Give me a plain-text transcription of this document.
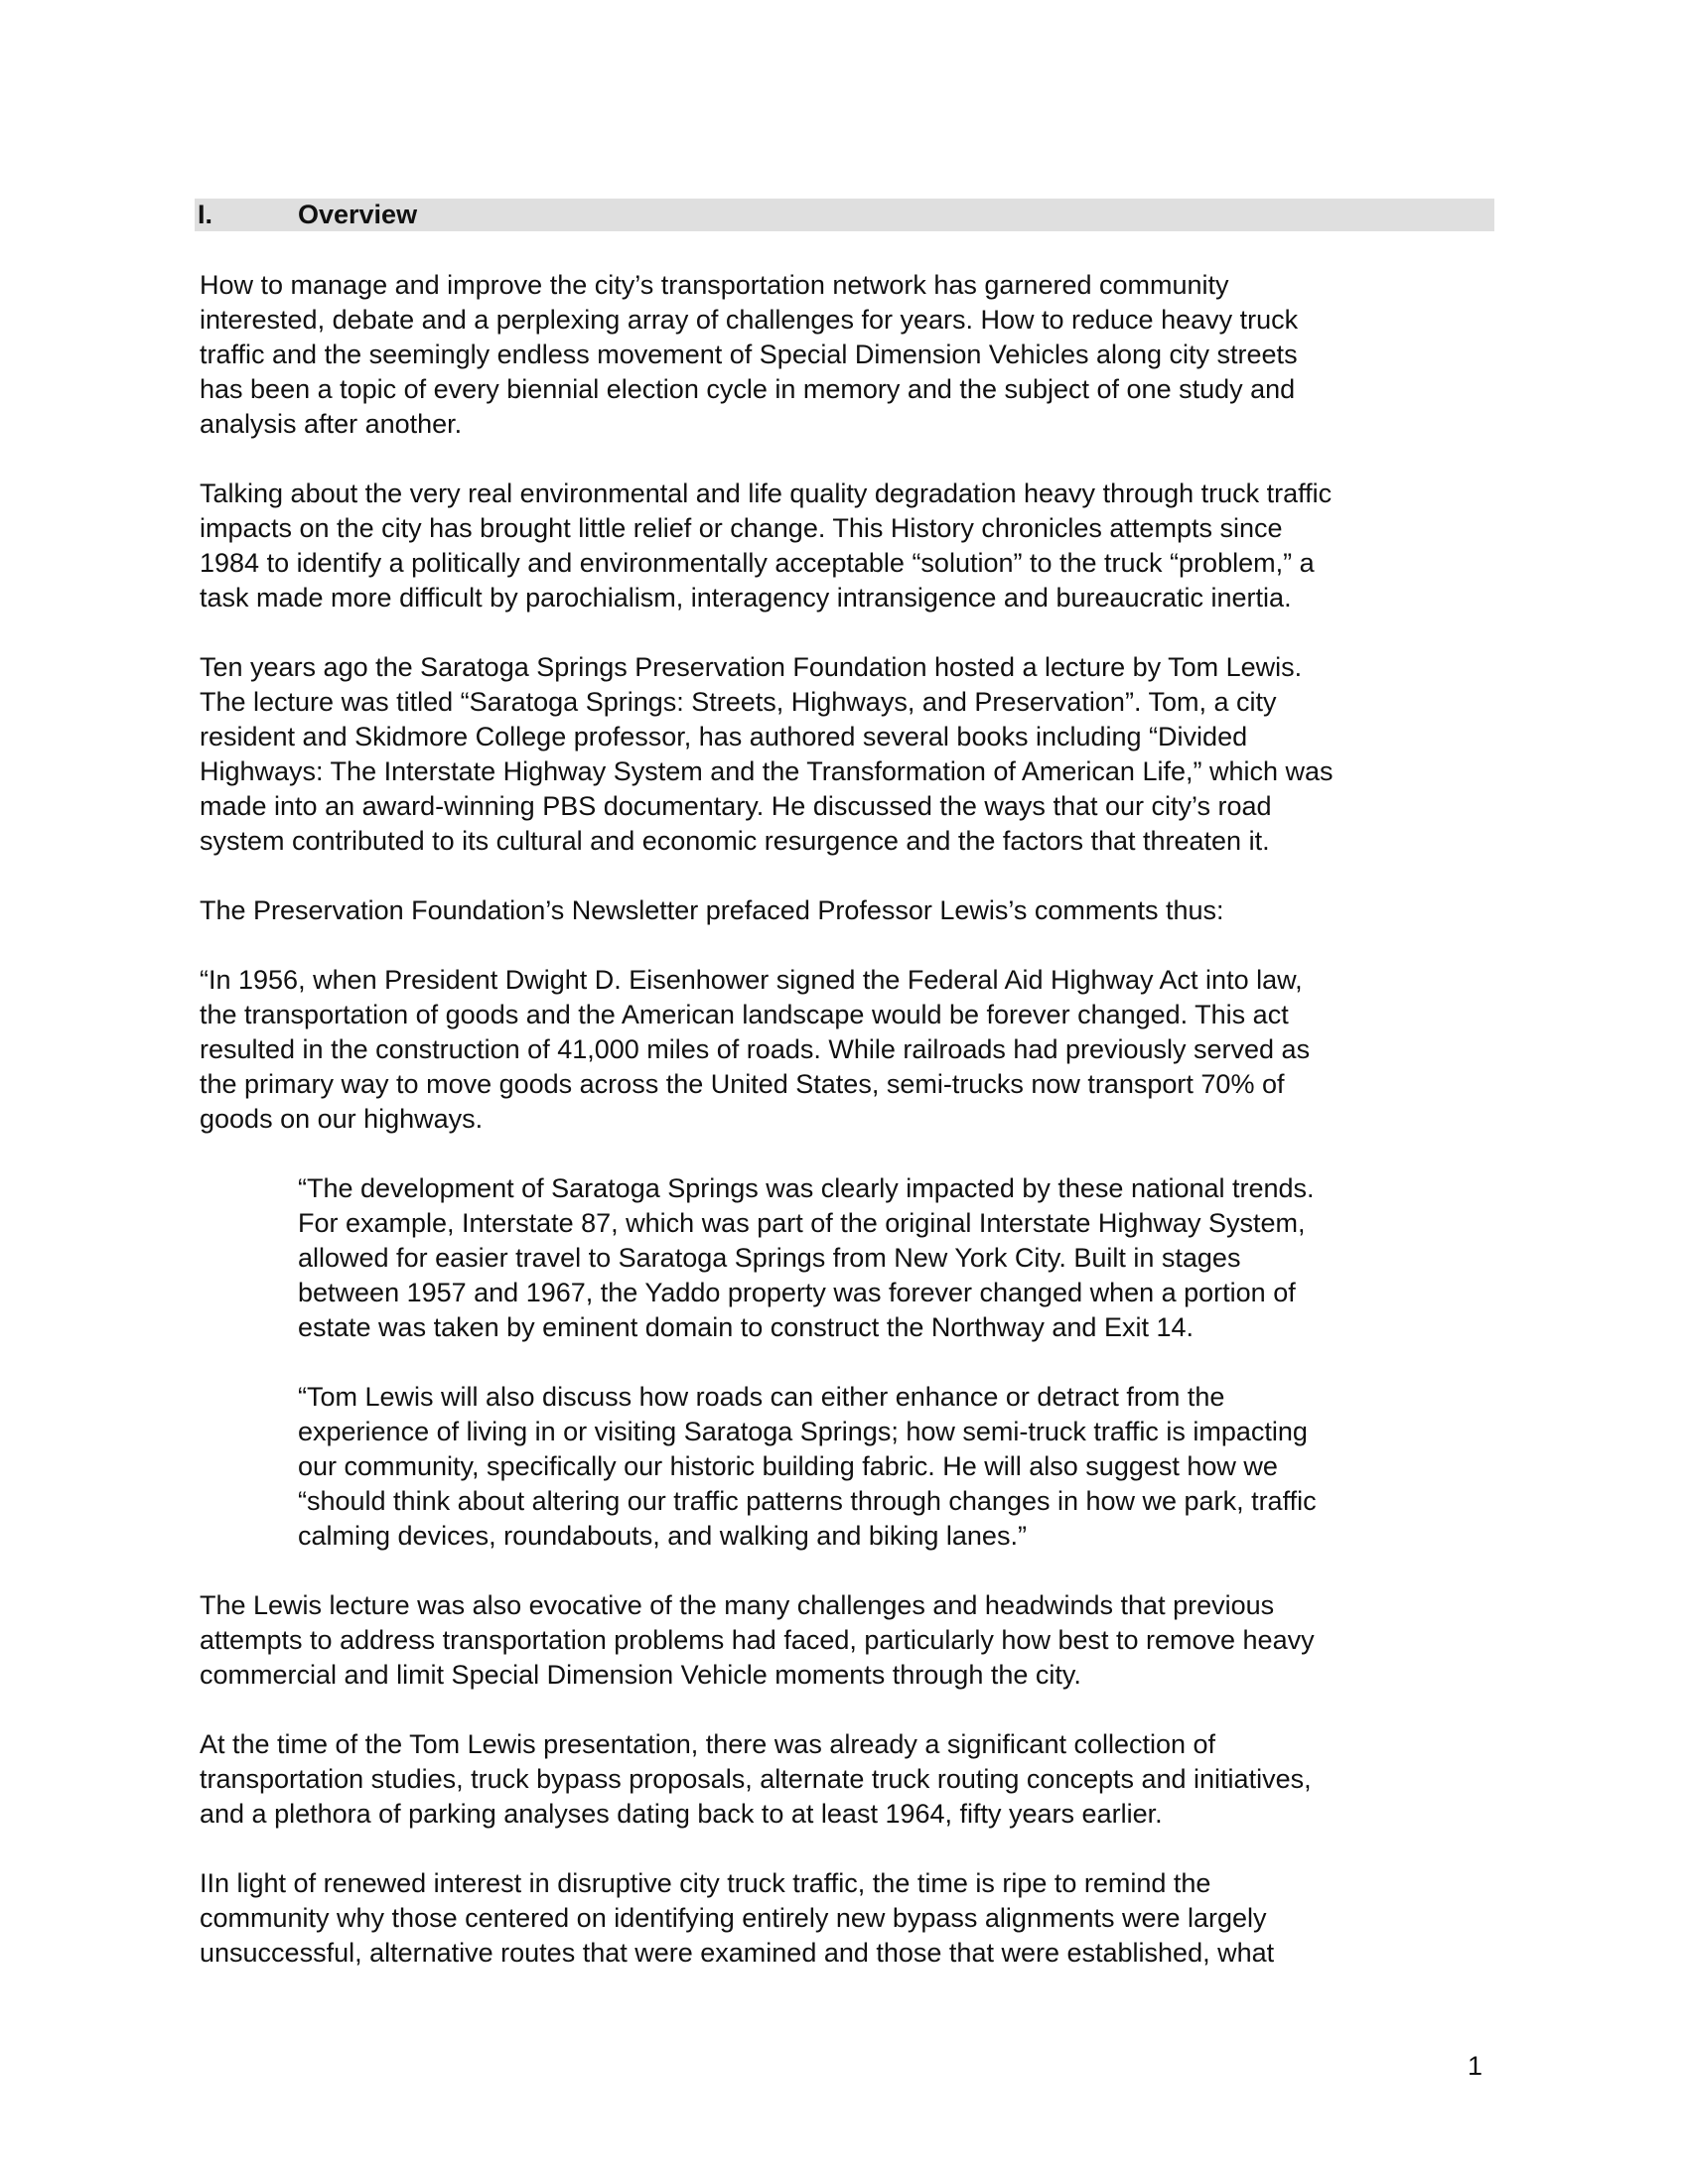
I.	Overview

How to manage and improve the city’s transportation network has garnered community
interested, debate and a perplexing array of challenges for years. How to reduce heavy truck
traffic and the seemingly endless movement of Special Dimension Vehicles along city streets
has been a topic of every biennial election cycle in memory and the subject of one study and
analysis after another.

Talking about the very real environmental and life quality degradation heavy through truck traffic
impacts on the city has brought little relief or change. This History chronicles attempts since
1984 to identify a politically and environmentally acceptable “solution” to the truck “problem,” a
task made more difficult by parochialism, interagency intransigence and bureaucratic inertia.

Ten years ago the Saratoga Springs Preservation Foundation hosted a lecture by Tom Lewis.
The lecture was titled “Saratoga Springs: Streets, Highways, and Preservation”. Tom, a city
resident and Skidmore College professor, has authored several books including “Divided
Highways: The Interstate Highway System and the Transformation of American Life,” which was
made into an award-winning PBS documentary. He discussed the ways that our city’s road
system contributed to its cultural and economic resurgence and the factors that threaten it.

The Preservation Foundation’s Newsletter prefaced Professor Lewis’s comments thus:

“In 1956, when President Dwight D. Eisenhower signed the Federal Aid Highway Act into law,
the transportation of goods and the American landscape would be forever changed. This act
resulted in the construction of 41,000 miles of roads. While railroads had previously served as
the primary way to move goods across the United States, semi-trucks now transport 70% of
goods on our highways.

“The development of Saratoga Springs was clearly impacted by these national trends.
For example, Interstate 87, which was part of the original Interstate Highway System,
allowed for easier travel to Saratoga Springs from New York City. Built in stages
between 1957 and 1967, the Yaddo property was forever changed when a portion of
estate was taken by eminent domain to construct the Northway and Exit 14.

“Tom Lewis will also discuss how roads can either enhance or detract from the
experience of living in or visiting Saratoga Springs; how semi-truck traffic is impacting
our community, specifically our historic building fabric. He will also suggest how we
“should think about altering our traffic patterns through changes in how we park, traffic
calming devices, roundabouts, and walking and biking lanes.”

The Lewis lecture was also evocative of the many challenges and headwinds that previous
attempts to address transportation problems had faced, particularly how best to remove heavy
commercial and limit Special Dimension Vehicle moments through the city.

At the time of the Tom Lewis presentation, there was already a significant collection of
transportation studies, truck bypass proposals, alternate truck routing concepts and initiatives,
and a plethora of parking analyses dating back to at least 1964, fifty years earlier.

IIn light of renewed interest in disruptive city truck traffic, the time is ripe to remind the
community why those centered on identifying entirely new bypass alignments were largely
unsuccessful, alternative routes that were examined and those that were established, what

1
